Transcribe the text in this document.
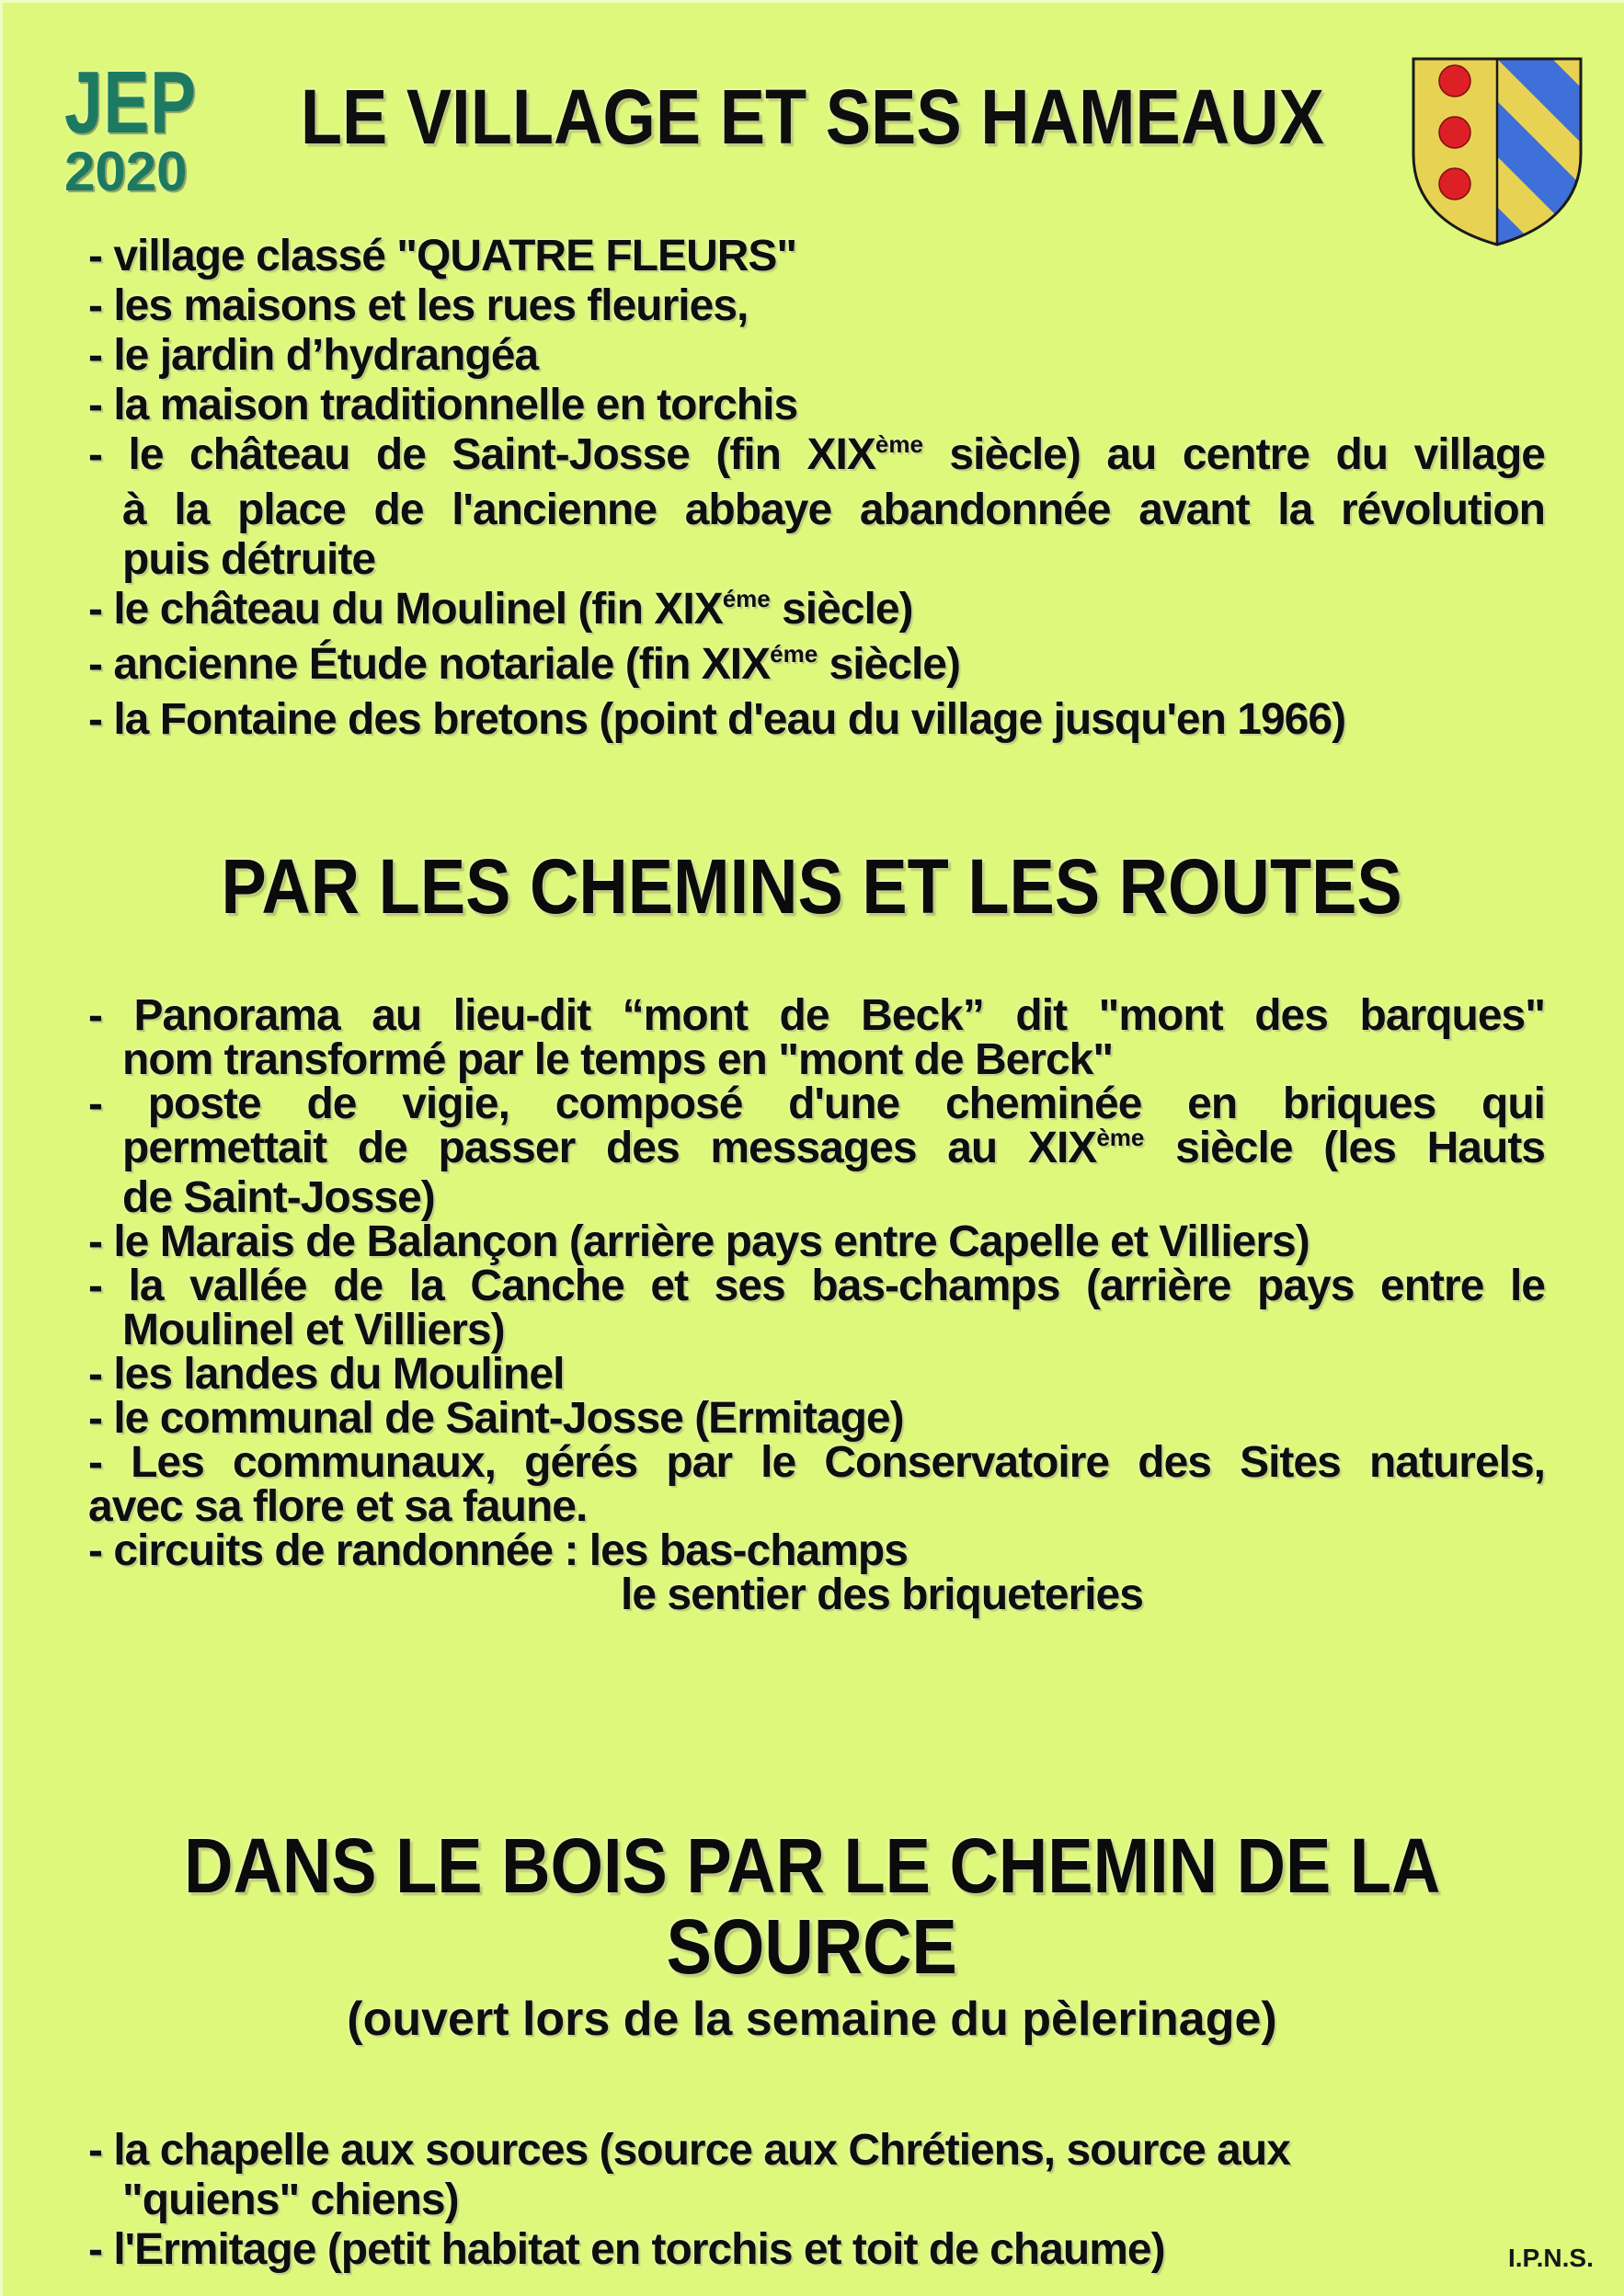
JEP
2020
LE VILLAGE ET SES HAMEAUX
- village classé "QUATRE FLEURS"
- les maisons et les rues fleuries,
- le jardin d’hydrangéa
- la maison traditionnelle en torchis
- le château de Saint-Josse (fin XIXème siècle) au centre du village
à la place de l'ancienne abbaye abandonnée avant la révolution
puis détruite
- le château du Moulinel (fin $XIX^{éme}$ siècle)
- ancienne Étude notariale (fin $XIX^{éme}$ siècle)
- la Fontaine des bretons (point d'eau du village jusqu'en 1966)
PAR LES CHEMINS ET LES ROUTES
- Panorama au lieu-dit “mont de Beck” dit "mont des barques"
nom transformé par le temps en "mont de Berck"
- poste de vigie, composé d'une cheminée en briques qui
permettait de passer des messages au XIXème siècle (les Hauts
de Saint-Josse)
- le Marais de Balançon (arrière pays entre Capelle et Villiers)
- la vallée de la Canche et ses bas-champs (arrière pays entre le
Moulinel et Villiers)
- les landes du Moulinel
- le communal de Saint-Josse (Ermitage)
- Les communaux, gérés par le Conservatoire des Sites naturels,
avec sa flore et sa faune.
- circuits de randonnée : les bas-champs
le sentier des briqueteries
DANS LE BOIS PAR LE CHEMIN DE LA
SOURCE
(ouvert lors de la semaine du pèlerinage)
- la chapelle aux sources (source aux Chrétiens, source aux
"quiens" chiens)
- l'Ermitage (petit habitat en torchis et toit de chaume)	I.P.N.S.
